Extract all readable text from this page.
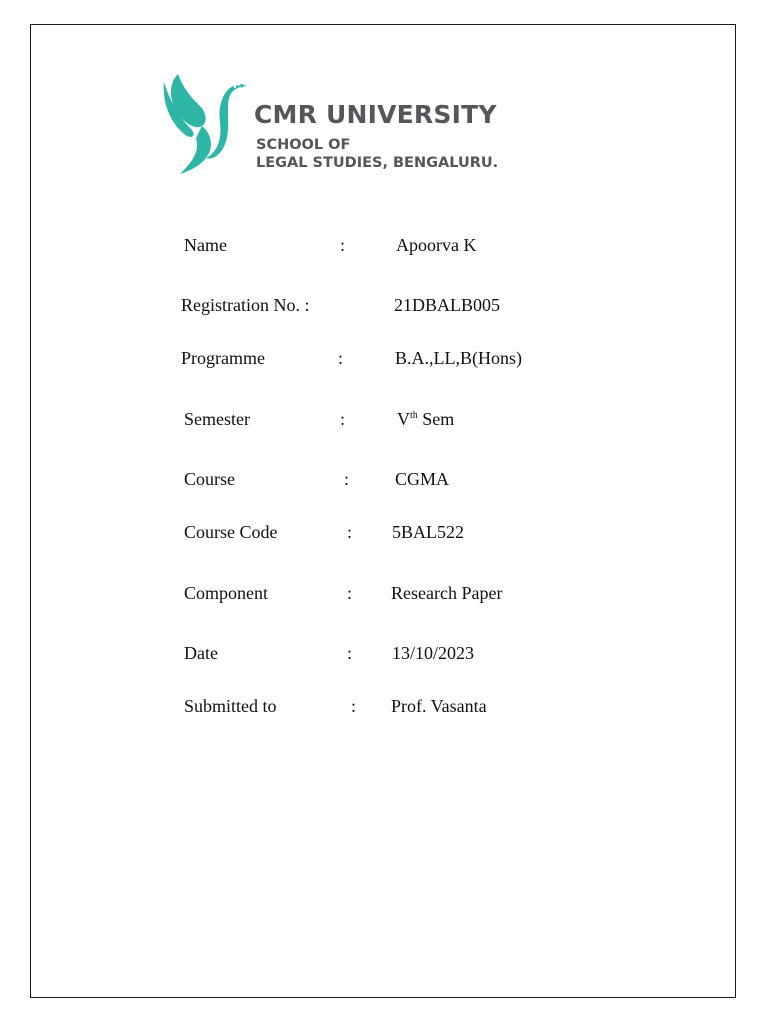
CMR UNIVERSITY
SCHOOL OF
LEGAL STUDIES, BENGALURU.
Name	:	Apoorva K
Registration No. :	21DBALB005
Programme	:	B.A.,LL,B(Hons)
Semester	:	Vth Sem
Course	:	CGMA
Course Code	: 5BAL522
Component	: Research Paper
Date	: 13/10/2023
Submitted to	: Prof. Vasanta
